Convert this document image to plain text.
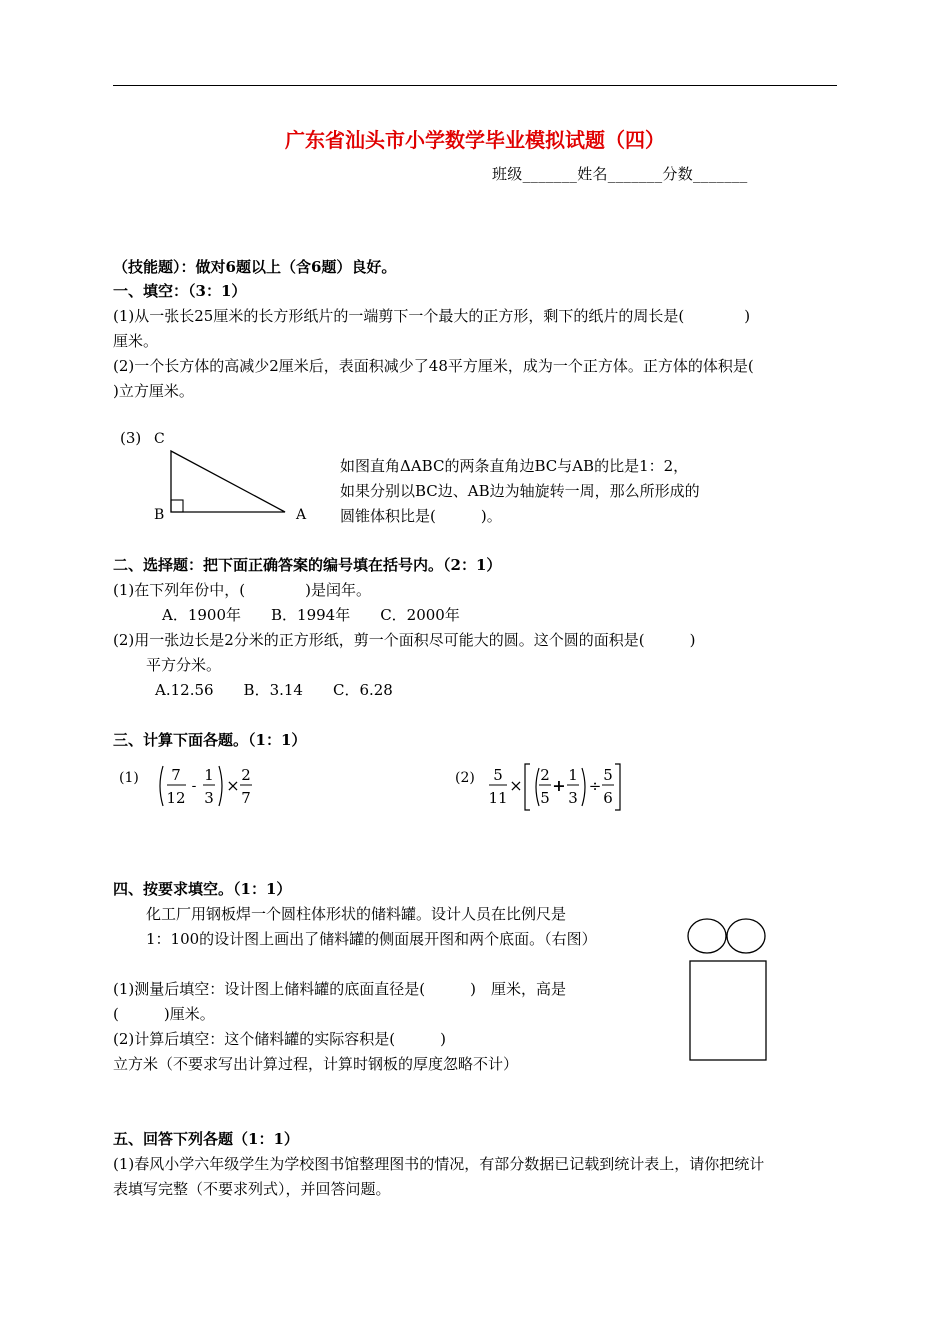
广东省汕头市小学数学毕业模拟试题（四）
班级_______姓名_______分数_______
（技能题）：做对6题以上（含6题）良好。
一、填空：（3：1）
(1)从一张长25厘米的长方形纸片的一端剪下一个最大的正方形，剩下的纸片的周长是(　　　　)
厘米。
(2)一个长方体的高减少2厘米后，表面积减少了48平方厘米，成为一个正方体。正方体的体积是(
)立方厘米。
(3) C
B	A
如图直角ΔABC的两条直角边BC与AB的比是1：2，
如果分别以BC边、AB边为轴旋转一周，那么所形成的
圆锥体积比是(　　　)。
二、选择题：把下面正确答案的编号填在括号内。（2：1）
(1)在下列年份中，(　　　　)是闰年。
A．1900年　　B．1994年　　C．2000年
(2)用一张边长是2分米的正方形纸，剪一个面积尽可能大的圆。这个圆的面积是(　　　)
平方分米。
A.12.56　　B．3.14　　C．6.28
三、计算下面各题。（1：1）
(1) 7
12
-
1
3
×
2
7
(2) 5
11
×
2
5
+
1
3
÷
5
6
四、按要求填空。（1：1）
化工厂用钢板焊一个圆柱体形状的储料罐。设计人员在比例尺是
1：100的设计图上画出了储料罐的侧面展开图和两个底面。（右图）
(1)测量后填空：设计图上储料罐的底面直径是(　　　)　厘米，高是
(　　　)厘米。
(2)计算后填空：这个储料罐的实际容积是(　　　)
立方米（不要求写出计算过程，计算时钢板的厚度忽略不计）
五、回答下列各题（1：1）
(1)春风小学六年级学生为学校图书馆整理图书的情况，有部分数据已记载到统计表上，请你把统计
表填写完整（不要求列式），并回答问题。
